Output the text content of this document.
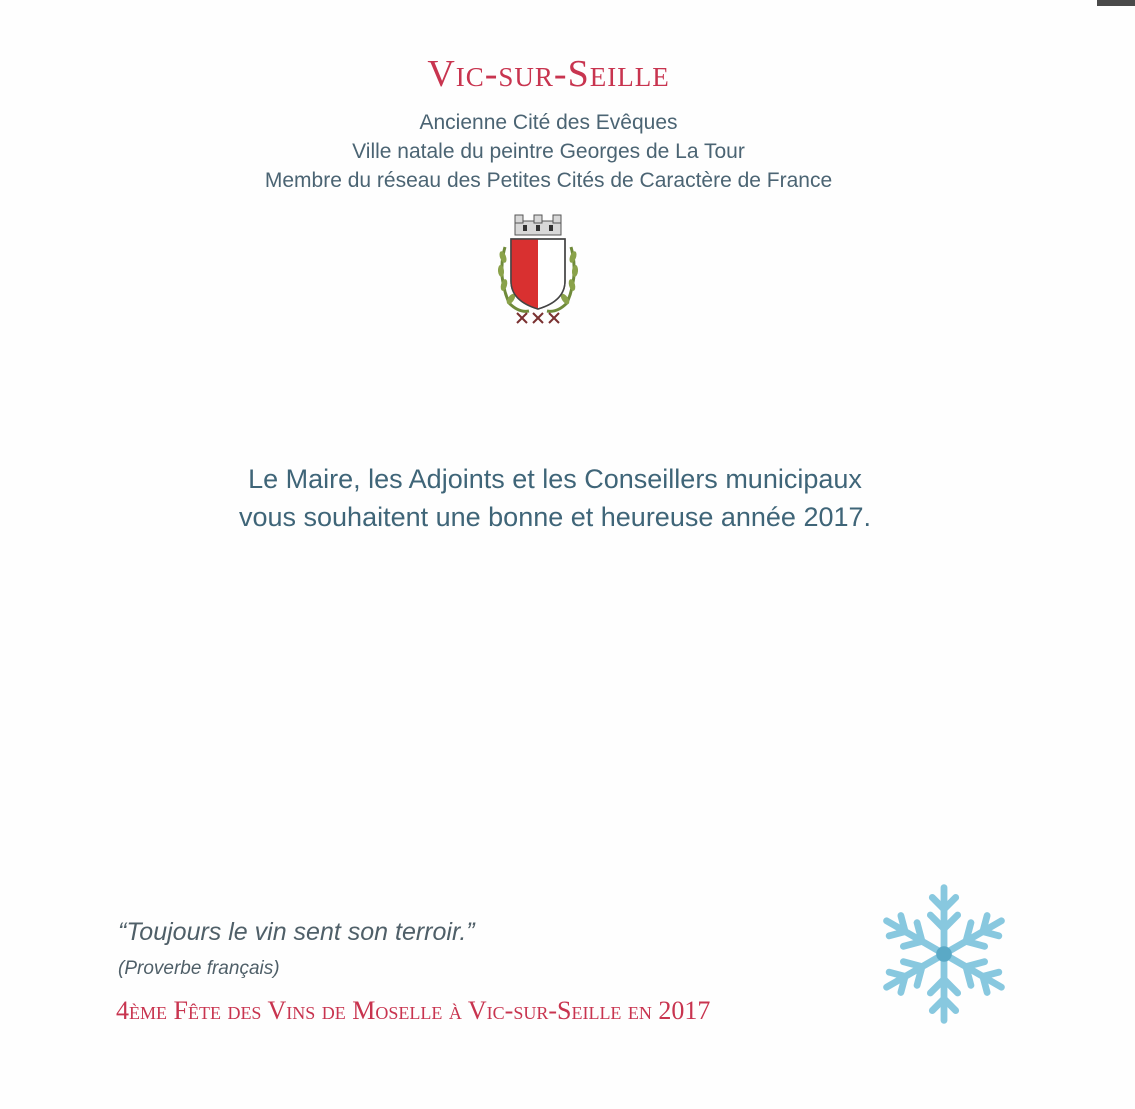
Vic-sur-Seille
Ancienne Cité des Evêques
Ville natale du peintre Georges de La Tour
Membre du réseau des Petites Cités de Caractère de France
Le Maire, les Adjoints et les Conseillers municipaux
vous souhaitent une bonne et heureuse année 2017.
“Toujours le vin sent son terroir.”
(Proverbe français)
4ème Fête des Vins de Moselle à Vic-sur-Seille en 2017
